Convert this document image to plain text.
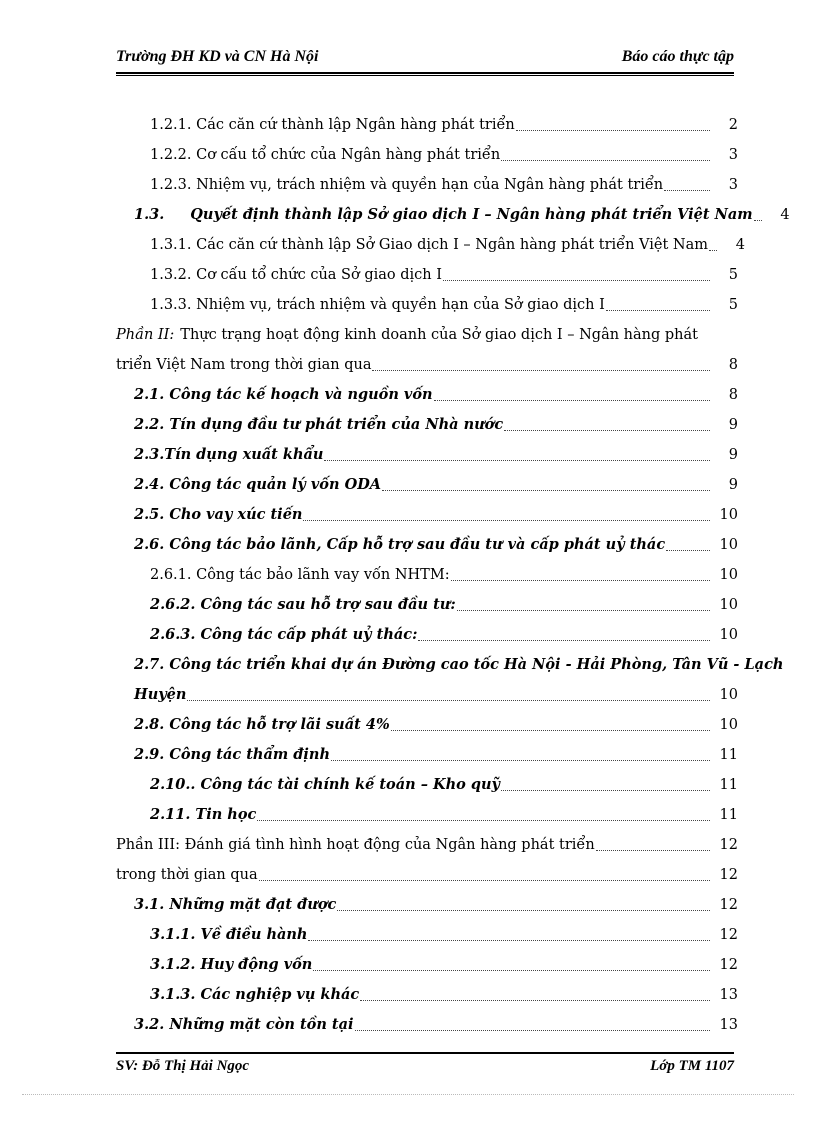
Trường ĐH KD và CN Hà Nội	Báo cáo thực tập
1.2.1. Các căn cứ thành lập Ngân hàng phát triển	2
1.2.2. Cơ cấu tổ chức của Ngân hàng phát triển	3
1.2.3. Nhiệm vụ, trách nhiệm và quyền hạn của Ngân hàng phát triển	3
1.3. Quyết định thành lập Sở giao dịch I – Ngân hàng phát triển Việt Nam	4
1.3.1. Các căn cứ thành lập Sở Giao dịch I – Ngân hàng phát triển Việt Nam	4
1.3.2. Cơ cấu tổ chức của Sở giao dịch I	5
1.3.3. Nhiệm vụ, trách nhiệm và quyền hạn của Sở giao dịch I	5
Phần II: Thực trạng hoạt động kinh doanh của Sở giao dịch I – Ngân hàng phát
triển Việt Nam trong thời gian qua	8
2.1. Công tác kế hoạch và nguồn vốn	8
2.2. Tín dụng đầu tư phát triển của Nhà nước	9
2.3.Tín dụng xuất khẩu	9
2.4. Công tác quản lý vốn ODA	9
2.5. Cho vay xúc tiến	10
2.6. Công tác bảo lãnh, Cấp hỗ trợ sau đầu tư và cấp phát uỷ thác	10
2.6.1. Công tác bảo lãnh vay vốn NHTM:	10
2.6.2. Công tác sau hỗ trợ sau đầu tư:	10
2.6.3. Công tác cấp phát uỷ thác:	10
2.7. Công tác triển khai dự án Đường cao tốc Hà Nội - Hải Phòng, Tân Vũ - Lạch
Huyện	10
2.8. Công tác hỗ trợ lãi suất 4%	10
2.9. Công tác thẩm định	11
2.10.. Công tác tài chính kế toán – Kho quỹ	11
2.11. Tin học	11
Phần III: Đánh giá tình hình hoạt động của Ngân hàng phát triển	12
trong thời gian qua	12
3.1. Những mặt đạt được	12
3.1.1. Về điều hành	12
3.1.2. Huy động vốn	12
3.1.3. Các nghiệp vụ khác	13
3.2. Những mặt còn tồn tại	13
SV: Đỗ Thị Hải Ngọc	Lớp TM 1107
